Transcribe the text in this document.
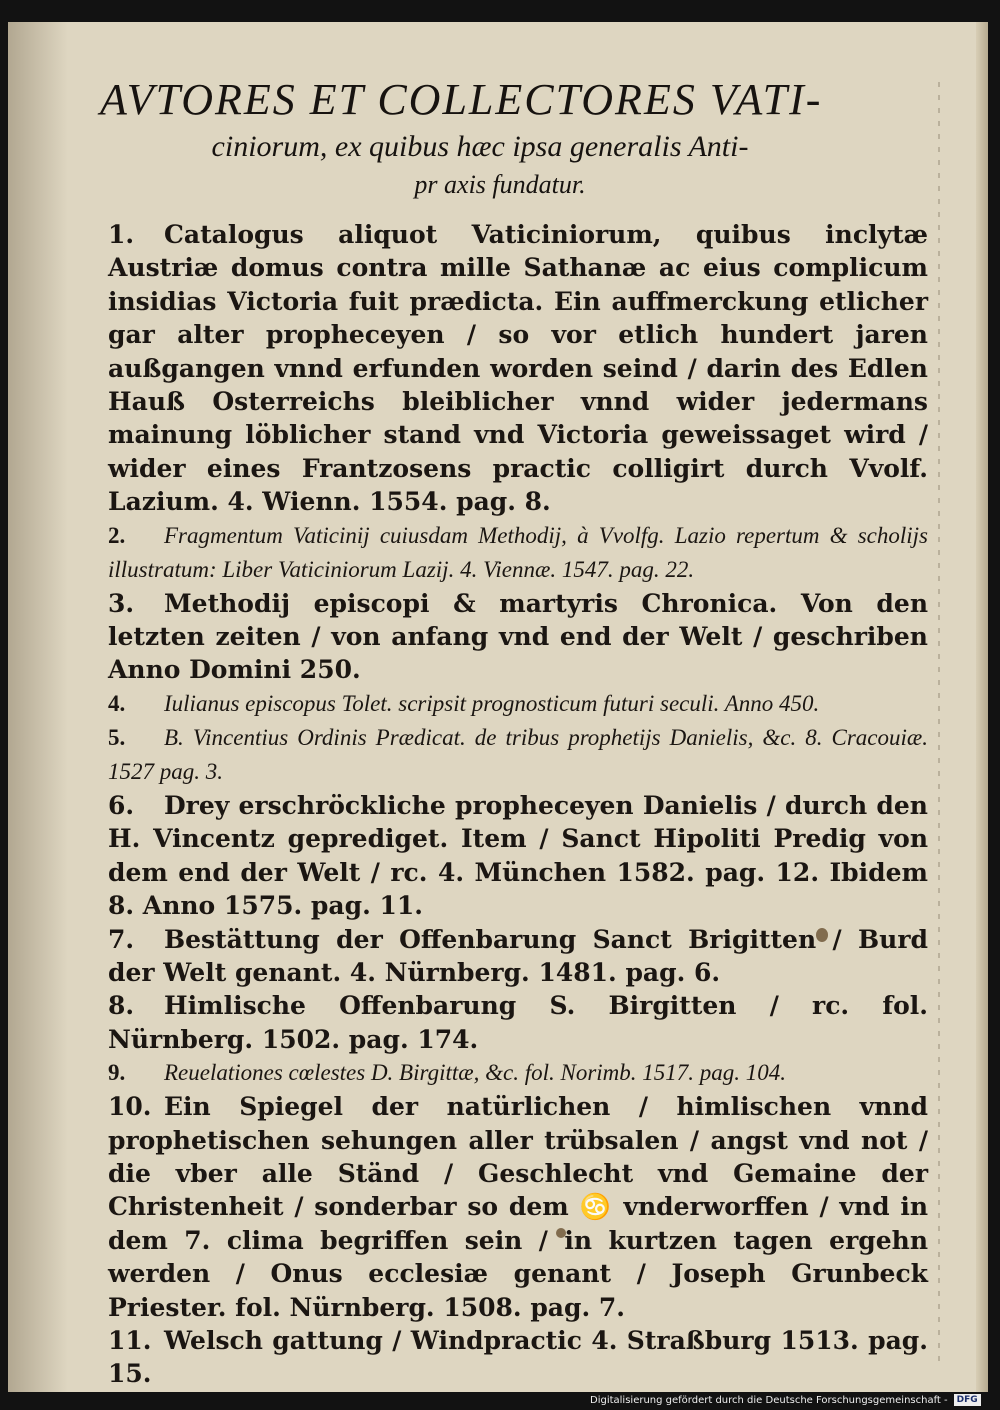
AVTORES ET COLLECTORES VATI-

ciniorum, ex quibus hæc ipsa generalis Anti-

pr axis fundatur.

1. Catalogus aliquot Vaticiniorum, quibus inclytæ Austriæ domus contra mille Sathanæ ac eius complicum insidias Victoria fuit prædicta. Ein auffmerckung etlicher gar alter propheceyen / so vor etlich hundert jaren außgangen vnnd erfunden worden seind / darin des Edlen Hauß Osterreichs bleiblicher vnnd wider jedermans mainung löblicher stand vnd Victoria geweissaget wird / wider eines Frantzosens practic colligirt durch Vvolf. Lazium. 4. Wienn. 1554. pag. 8.

2. Fragmentum Vaticinij cuiusdam Methodij, à Vvolfg. Lazio repertum & scholijs illustratum: Liber Vaticiniorum Lazij. 4. Viennæ. 1547. pag. 22.

3. Methodij episcopi & martyris Chronica. Von den letzten zeiten / von anfang vnd end der Welt / geschriben Anno Domini 250.

4. Iulianus episcopus Tolet. scripsit prognosticum futuri seculi. Anno 450.

5. B. Vincentius Ordinis Prædicat. de tribus prophetijs Danielis, &c. 8. Cracouiæ. 1527 pag. 3.

6. Drey erschröckliche propheceyen Danielis / durch den H. Vincentz geprediget. Item / Sanct Hipoliti Predig von dem end der Welt / rc. 4. München 1582. pag. 12. Ibidem 8. Anno 1575. pag. 11.

7. Bestättung der Offenbarung Sanct Brigitten / Burd der Welt genant. 4. Nürnberg. 1481. pag. 6.

8. Himlische Offenbarung S. Birgitten / rc. fol. Nürnberg. 1502. pag. 174.

9. Reuelationes cœlestes D. Birgittæ, &c. fol. Norimb. 1517. pag. 104.

10. Ein Spiegel der natürlichen / himlischen vnnd prophetischen sehungen aller trübsalen / angst vnd not / die vber alle Ständ / Geschlecht vnd Gemaine der Christenheit / sonderbar so dem ♋ vnderworffen / vnd in dem 7. clima begriffen sein / in kurtzen tagen ergehn werden / Onus ecclesiæ genant / Joseph Grunbeck Priester. fol. Nürnberg. 1508. pag. 7.

11. Welsch gattung / Windpractic 4. Straßburg 1513. pag. 15.

Digitalisierung gefördert durch die Deutsche Forschungsgemeinschaft -	DFG
